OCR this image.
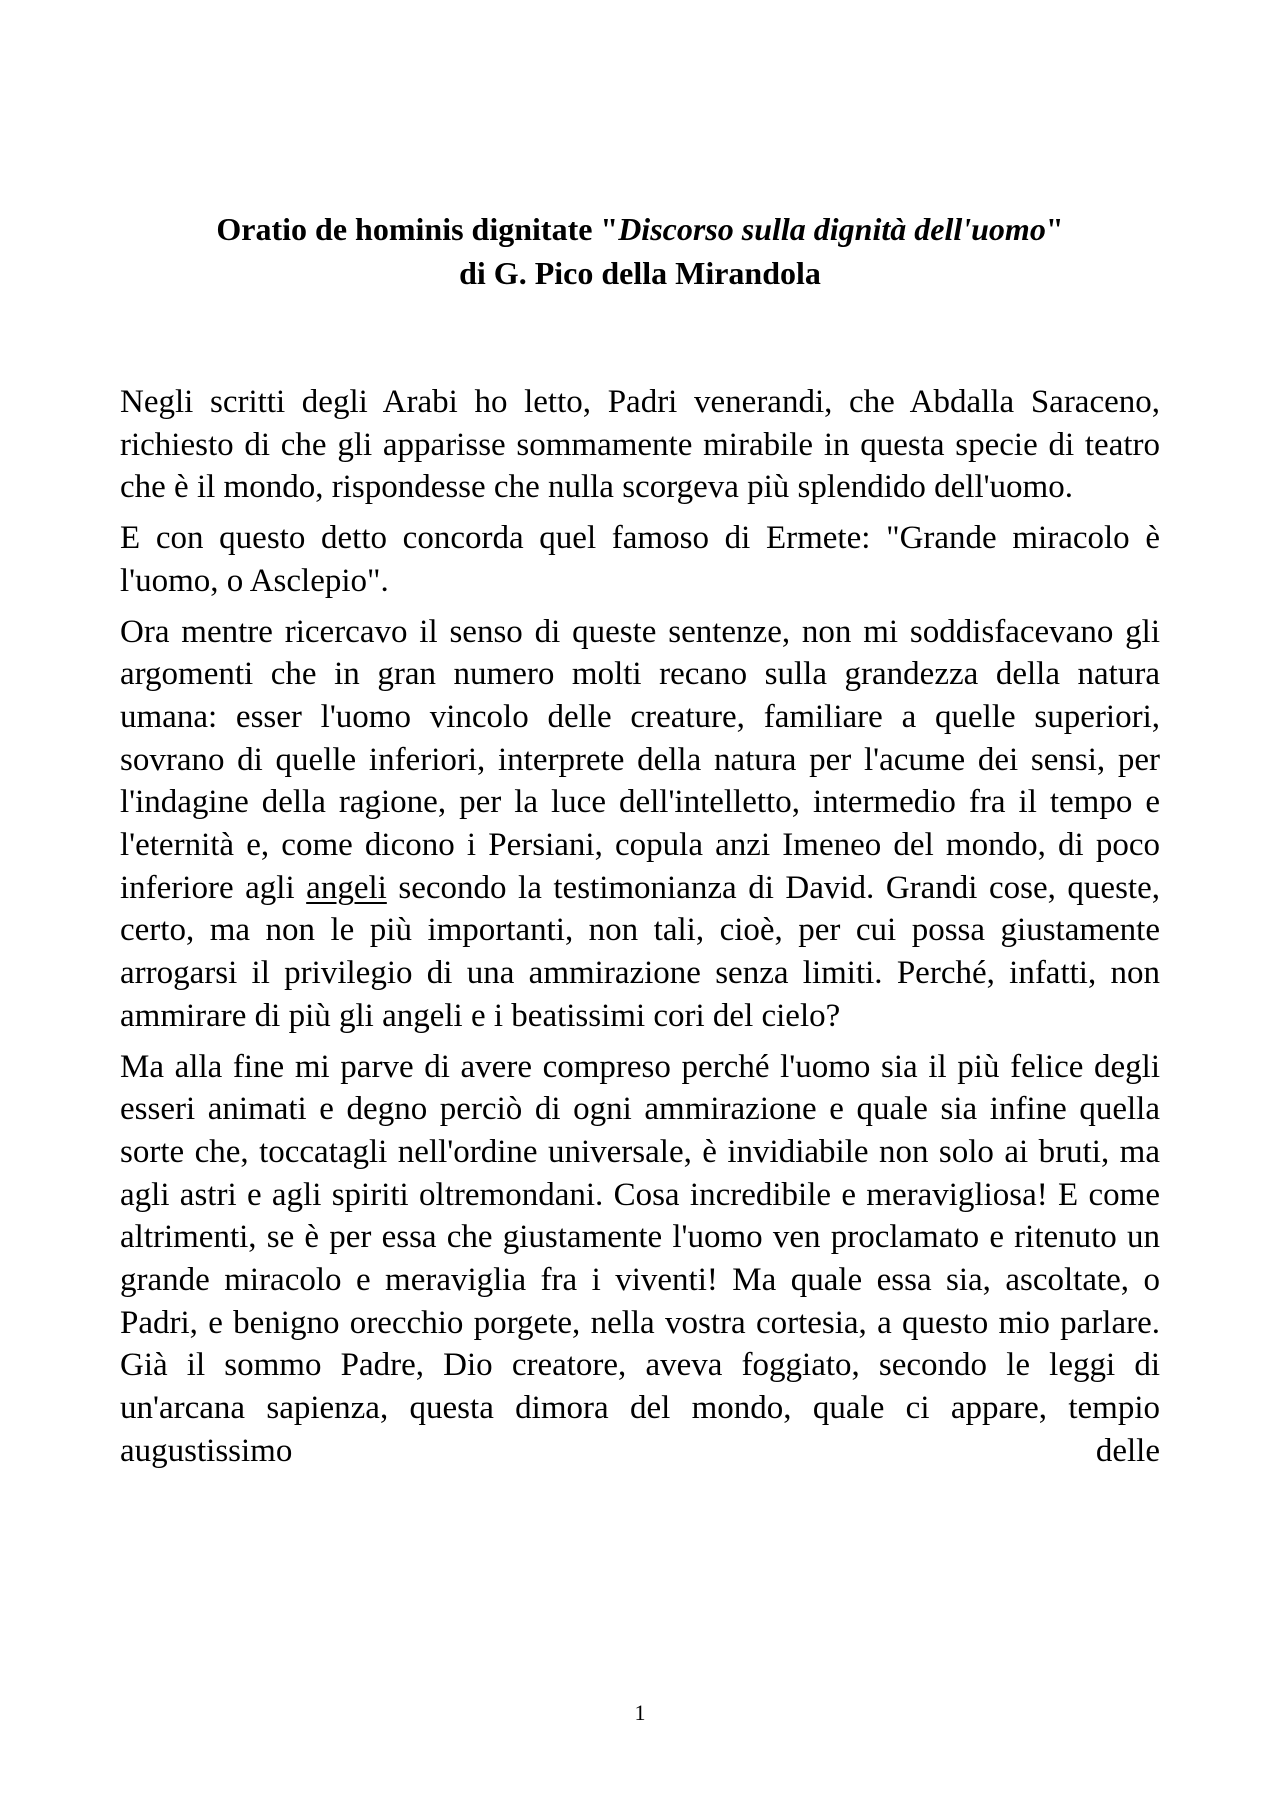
Oratio de hominis dignitate "Discorso sulla dignità dell'uomo"
di G. Pico della Mirandola

Negli scritti degli Arabi ho letto, Padri venerandi, che Abdalla Saraceno, richiesto di che gli apparisse sommamente mirabile in questa specie di teatro che è il mondo, rispondesse che nulla scorgeva più splendido dell'uomo.

E con questo detto concorda quel famoso di Ermete: "Grande miracolo è l'uomo, o Asclepio".

Ora mentre ricercavo il senso di queste sentenze, non mi soddisfacevano gli argomenti che in gran numero molti recano sulla grandezza della natura umana: esser l'uomo vincolo delle creature, familiare a quelle superiori, sovrano di quelle inferiori, interprete della natura per l'acume dei sensi, per l'indagine della ragione, per la luce dell'intelletto, intermedio fra il tempo e l'eternità e, come dicono i Persiani, copula anzi Imeneo del mondo, di poco inferiore agli angeli secondo la testimonianza di David. Grandi cose, queste, certo, ma non le più importanti, non tali, cioè, per cui possa giustamente arrogarsi il privilegio di una ammirazione senza limiti. Perché, infatti, non ammirare di più gli angeli e i beatissimi cori del cielo?

Ma alla fine mi parve di avere compreso perché l'uomo sia il più felice degli esseri animati e degno perciò di ogni ammirazione e quale sia infine quella sorte che, toccatagli nell'ordine universale, è invidiabile non solo ai bruti, ma agli astri e agli spiriti oltremondani. Cosa incredibile e meravigliosa! E come altrimenti, se è per essa che giustamente l'uomo ven proclamato e ritenuto un grande miracolo e meraviglia fra i viventi! Ma quale essa sia, ascoltate, o Padri, e benigno orecchio porgete, nella vostra cortesia, a questo mio parlare. Già il sommo Padre, Dio creatore, aveva foggiato, secondo le leggi di un'arcana sapienza, questa dimora del mondo, quale ci appare, tempio augustissimo delle

1
